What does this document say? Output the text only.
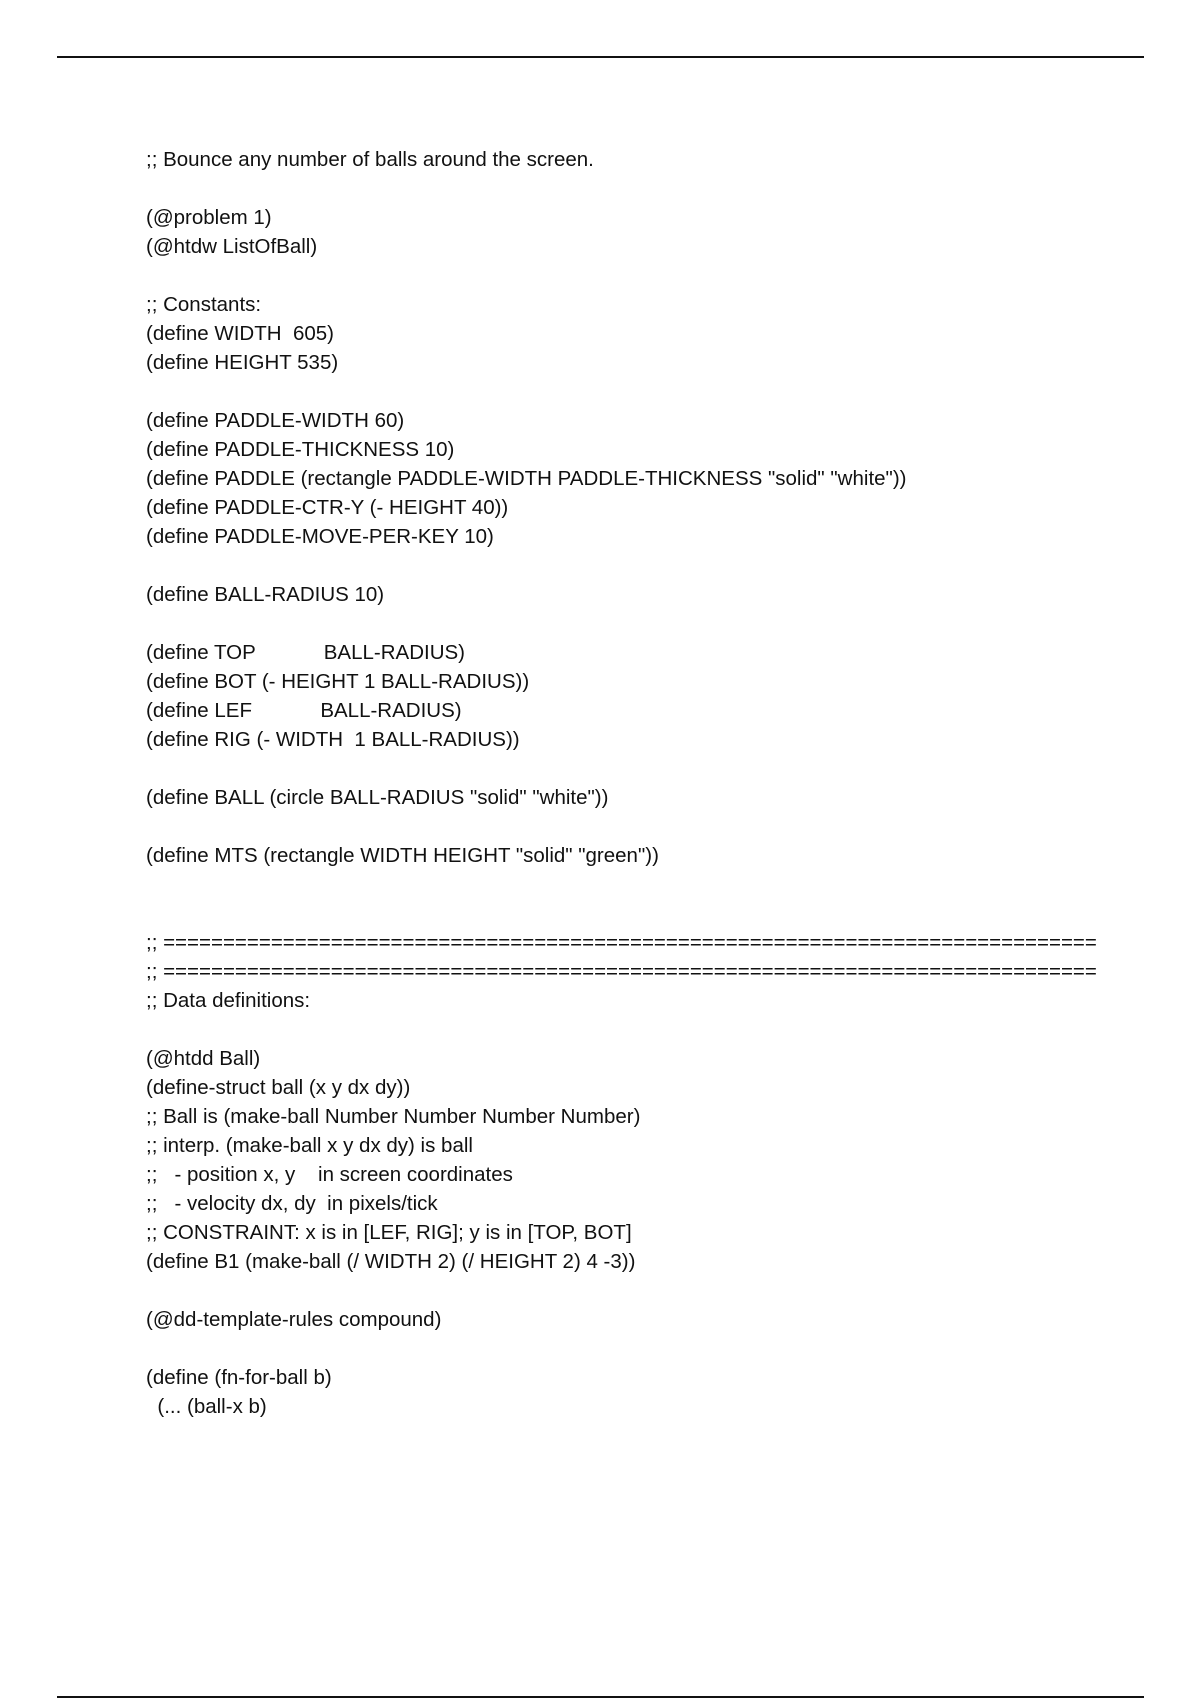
;; Bounce any number of balls around the screen.
(@problem 1)
(@htdw ListOfBall)
;; Constants:
(define WIDTH  605)
(define HEIGHT 535)
(define PADDLE-WIDTH 60)
(define PADDLE-THICKNESS 10)
(define PADDLE (rectangle PADDLE-WIDTH PADDLE-THICKNESS "solid" "white"))
(define PADDLE-CTR-Y (- HEIGHT 40))
(define PADDLE-MOVE-PER-KEY 10)
(define BALL-RADIUS 10)
(define TOP            BALL-RADIUS)
(define BOT (- HEIGHT 1 BALL-RADIUS))
(define LEF            BALL-RADIUS)
(define RIG (- WIDTH  1 BALL-RADIUS))
(define BALL (circle BALL-RADIUS "solid" "white"))
(define MTS (rectangle WIDTH HEIGHT "solid" "green"))
;; ==============================================================================
;; ==============================================================================
;; Data definitions:
(@htdd Ball)
(define-struct ball (x y dx dy))
;; Ball is (make-ball Number Number Number Number)
;; interp. (make-ball x y dx dy) is ball
;;   - position x, y    in screen coordinates
;;   - velocity dx, dy  in pixels/tick
;; CONSTRAINT: x is in [LEF, RIG]; y is in [TOP, BOT]
(define B1 (make-ball (/ WIDTH 2) (/ HEIGHT 2) 4 -3))
(@dd-template-rules compound)
(define (fn-for-ball b)
(... (ball-x b)
